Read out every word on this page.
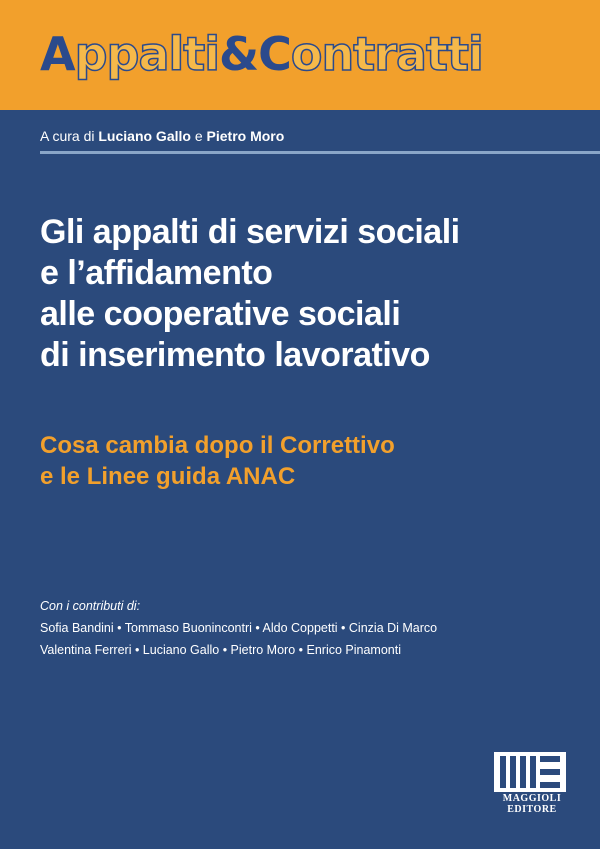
A ppalti & C ontratti
A cura di Luciano Gallo e Pietro Moro
Gli appalti di servizi sociali
e l’affidamento
alle cooperative sociali
di inserimento lavorativo
Cosa cambia dopo il Correttivo
e le Linee guida ANAC
Con i contributi di:
Sofia Bandini • Tommaso Buonincontri • Aldo Coppetti • Cinzia Di Marco
Valentina Ferreri • Luciano Gallo • Pietro Moro • Enrico Pinamonti
MAGGIOLI
EDITORE
